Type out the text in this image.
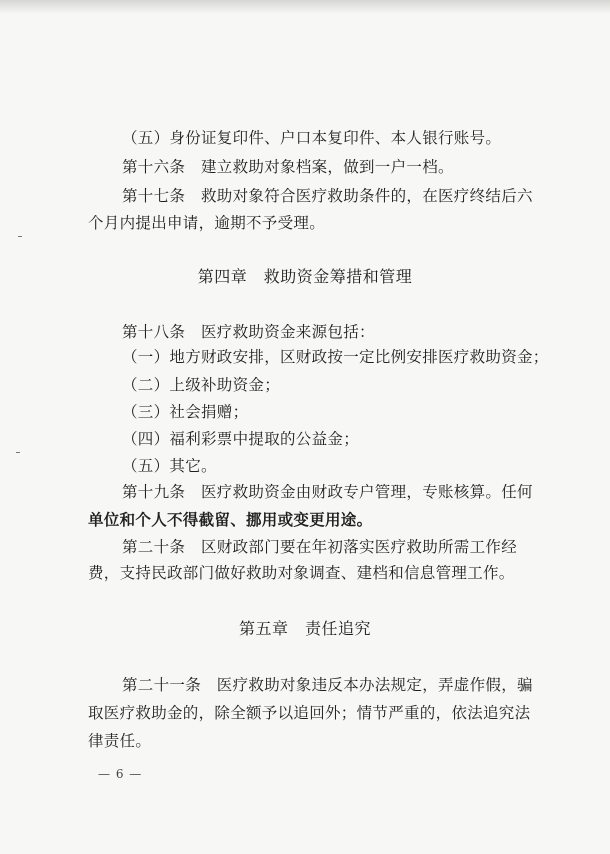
（五）身份证复印件、户口本复印件、本人银行账号。
第十六条　建立救助对象档案，做到一户一档。
第十七条　救助对象符合医疗救助条件的，在医疗终结后六
个月内提出申请，逾期不予受理。
第四章　救助资金筹措和管理
第十八条　医疗救助资金来源包括：
（一）地方财政安排，区财政按一定比例安排医疗救助资金；
（二）上级补助资金；
（三）社会捐赠；
（四）福利彩票中提取的公益金；
（五）其它。
第十九条　医疗救助资金由财政专户管理，专账核算。任何
单位和个人不得截留、挪用或变更用途。
第二十条　区财政部门要在年初落实医疗救助所需工作经
费，支持民政部门做好救助对象调查、建档和信息管理工作。
第五章　责任追究
第二十一条　医疗救助对象违反本办法规定，弄虚作假，骗
取医疗救助金的，除全额予以追回外；情节严重的，依法追究法
律责任。
— 6 —
